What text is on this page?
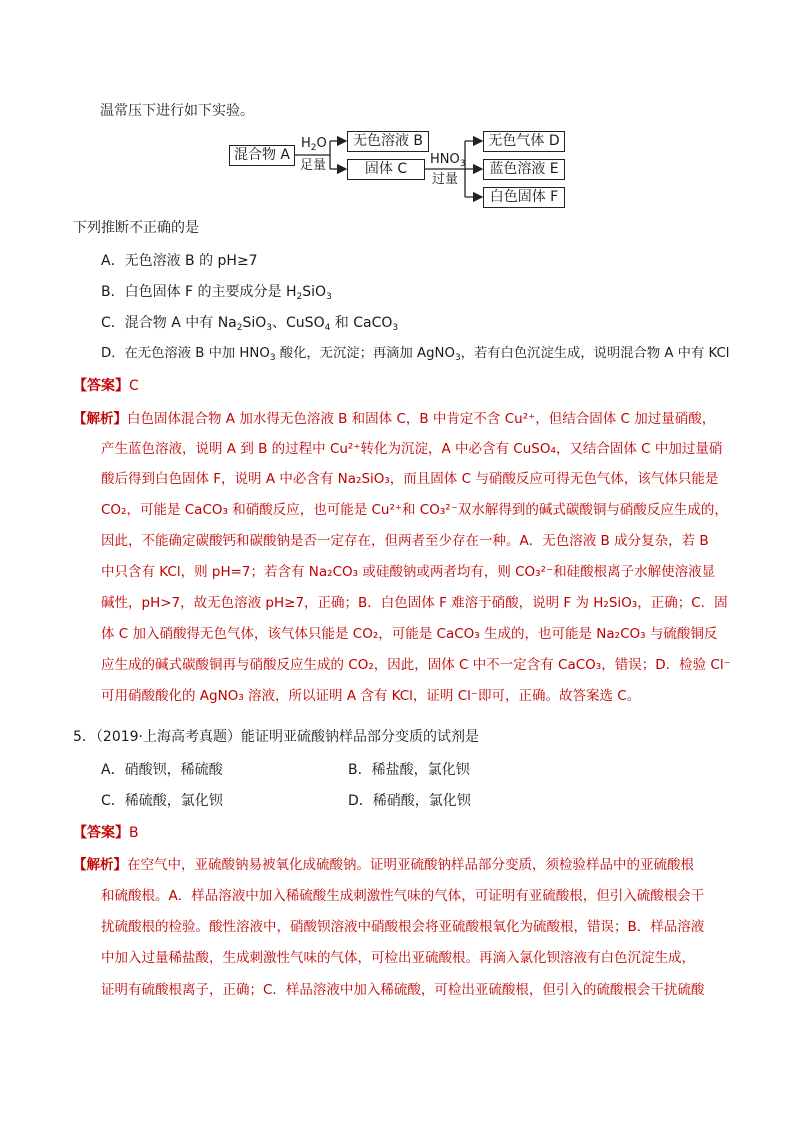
温常压下进行如下实验。
混合物 A
$H_2O$
足量
无色溶液 B
固体 C
$HNO_3$
过量
无色气体 D
蓝色溶液 E
白色固体 F
下列推断不正确的是
A．无色溶液 B 的 pH≥7
B．白色固体 F 的主要成分是 $H_2SiO_3$
C．混合物 A 中有 $Na_2SiO_3$、CuSO$_4$ 和 CaCO$_3$
D．在无色溶液 B 中加 $HNO_3$ 酸化，无沉淀；再滴加 AgNO$_3$，若有白色沉淀生成，说明混合物 A 中有 KCl
【答案】C
【解析】白色固体混合物 A 加水得无色溶液 B 和固体 C，B 中肯定不含 Cu²⁺，但结合固体 C 加过量硝酸，
产生蓝色溶液，说明 A 到 B 的过程中 Cu²⁺转化为沉淀，A 中必含有 CuSO₄，又结合固体 C 中加过量硝
酸后得到白色固体 F，说明 A 中必含有 Na₂SiO₃，而且固体 C 与硝酸反应可得无色气体，该气体只能是
CO₂，可能是 CaCO₃ 和硝酸反应，也可能是 Cu²⁺和 CO₃²⁻双水解得到的碱式碳酸铜与硝酸反应生成的，
因此，不能确定碳酸钙和碳酸钠是否一定存在，但两者至少存在一种。A．无色溶液 B 成分复杂，若 B
中只含有 KCl，则 pH=7；若含有 Na₂CO₃ 或硅酸钠或两者均有，则 CO₃²⁻和硅酸根离子水解使溶液显
碱性，pH>7，故无色溶液 pH≥7，正确；B．白色固体 F 难溶于硝酸，说明 F 为 H₂SiO₃，正确；C．固
体 C 加入硝酸得无色气体，该气体只能是 CO₂，可能是 CaCO₃ 生成的，也可能是 Na₂CO₃ 与硫酸铜反
应生成的碱式碳酸铜再与硝酸反应生成的 CO₂，因此，固体 C 中不一定含有 CaCO₃，错误；D．检验 Cl⁻
可用硝酸酸化的 AgNO₃ 溶液，所以证明 A 含有 KCl，证明 Cl⁻即可，正确。故答案选 C。
5．（2019·上海高考真题）能证明亚硫酸钠样品部分变质的试剂是
A．硝酸钡，稀硫酸	B．稀盐酸，氯化钡
C．稀硫酸，氯化钡	D．稀硝酸，氯化钡
【答案】B
【解析】在空气中，亚硫酸钠易被氧化成硫酸钠。证明亚硫酸钠样品部分变质，须检验样品中的亚硫酸根
和硫酸根。A．样品溶液中加入稀硫酸生成刺激性气味的气体，可证明有亚硫酸根，但引入硫酸根会干
扰硫酸根的检验。酸性溶液中，硝酸钡溶液中硝酸根会将亚硫酸根氧化为硫酸根，错误；B．样品溶液
中加入过量稀盐酸，生成刺激性气味的气体，可检出亚硫酸根。再滴入氯化钡溶液有白色沉淀生成，
证明有硫酸根离子，正确；C．样品溶液中加入稀硫酸，可检出亚硫酸根，但引入的硫酸根会干扰硫酸
